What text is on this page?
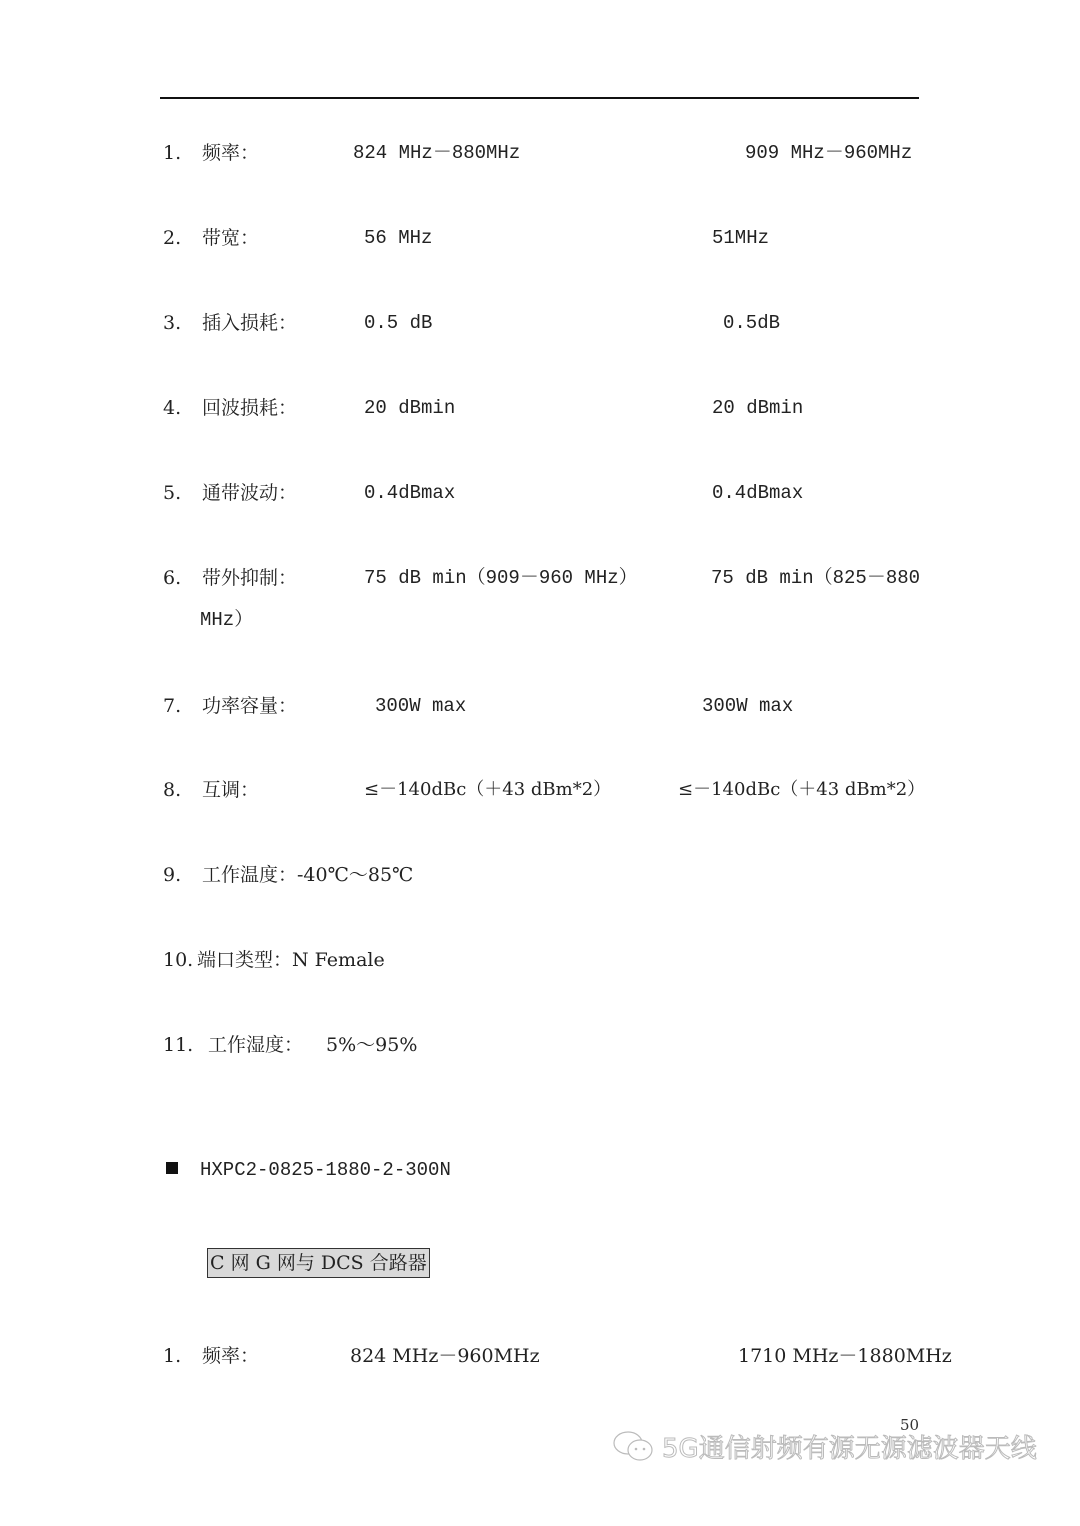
1. 频率：	824 MHz－880MHz	909 MHz－960MHz
2. 带宽：	56 MHz	51MHz
3. 插入损耗：	0.5 dB	0.5dB
4. 回波损耗：	20 dBmin	20 dBmin
5. 通带波动：	0.4dBmax	0.4dBmax
6. 带外抑制：	75 dB min（909－960 MHz）	75 dB min（825－880
MHz）
7. 功率容量：	300W max	300W max
8. 互调：	≤－140dBc（＋43 dBm*2）	≤－140dBc（＋43 dBm*2）
9. 工作温度：-40℃～85℃
10. 端口类型：N Female
11. 工作湿度： 5%～95%
HXPC2-0825-1880-2-300N
C 网 G 网与 DCS 合路器
1. 频率：	824 MHz－960MHz	1710 MHz－1880MHz
50
5G通信射频有源无源滤波器天线
